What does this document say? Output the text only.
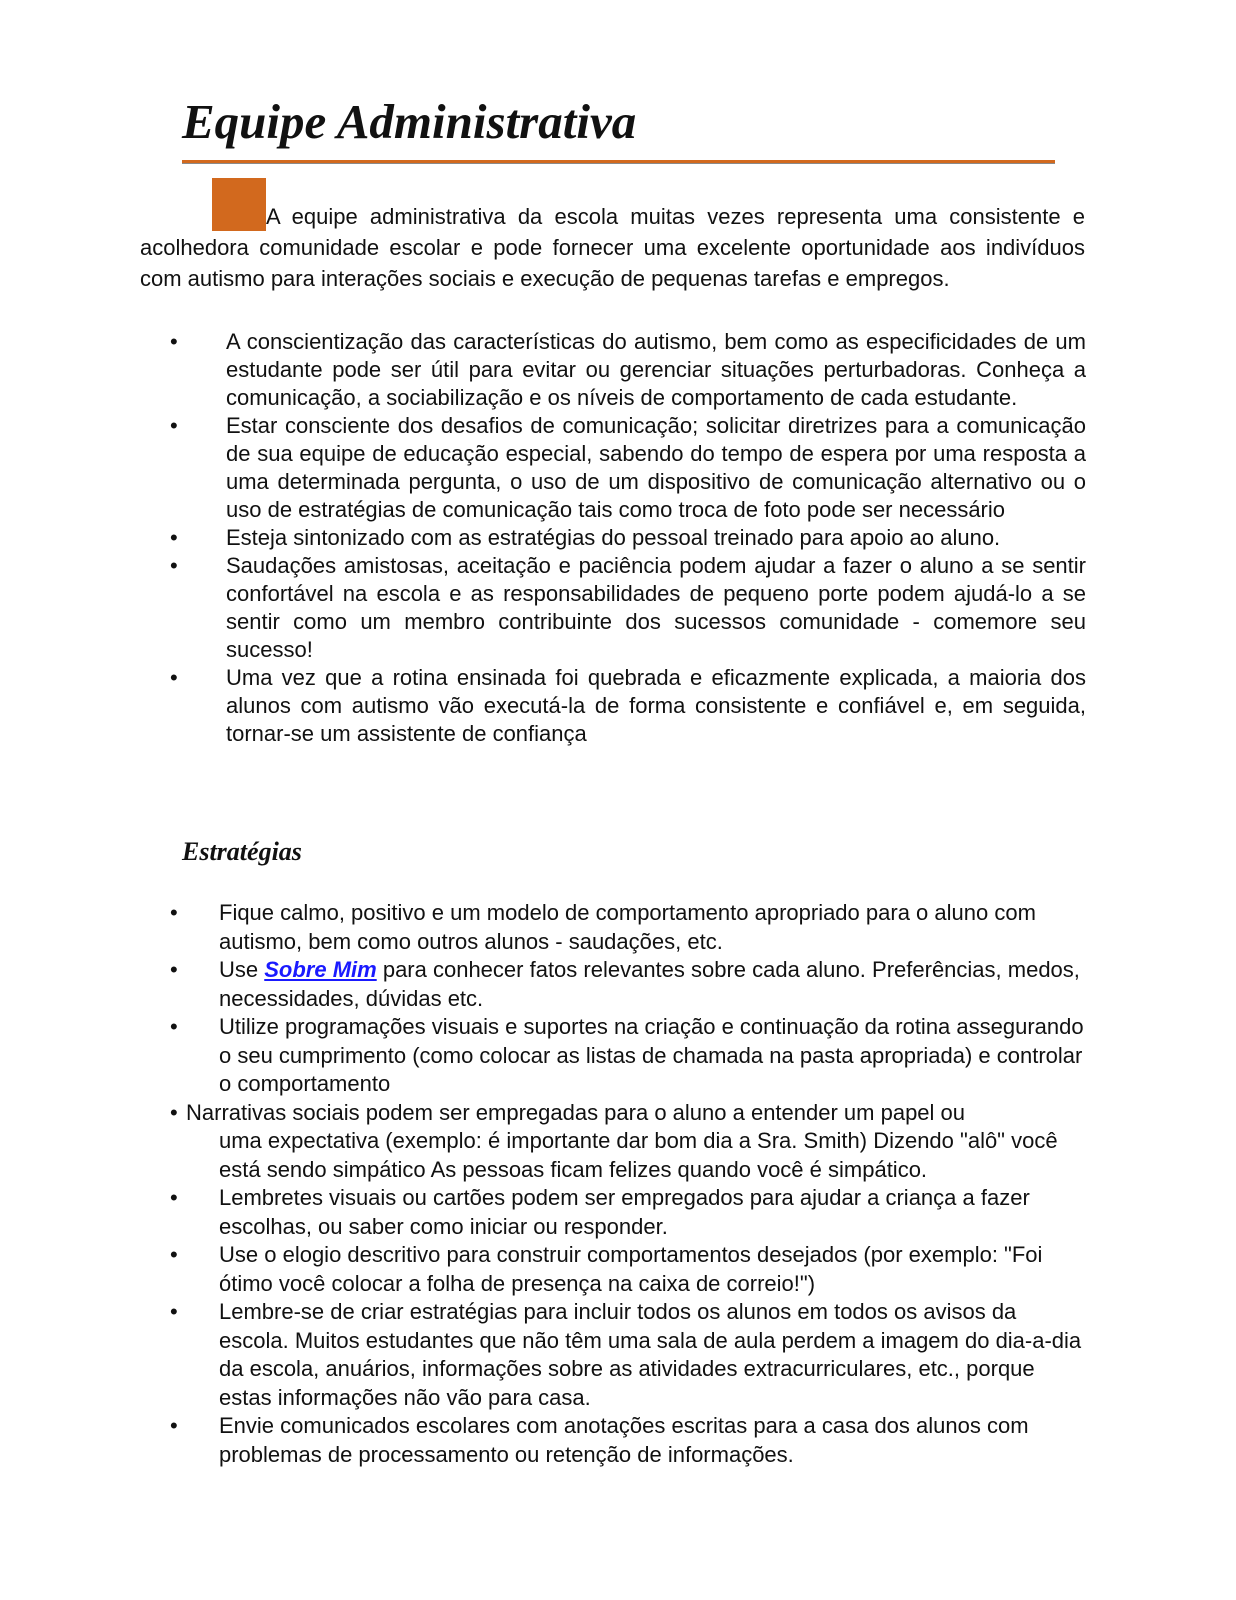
Equipe Administrativa

A equipe administrativa da escola muitas vezes representa uma consistente e acolhedora comunidade escolar e pode fornecer uma excelente oportunidade aos indivíduos com autismo para interações sociais e execução de pequenas tarefas e empregos.

• A conscientização das características do autismo, bem como as especificidades de um estudante pode ser útil para evitar ou gerenciar situações perturbadoras. Conheça a comunicação, a sociabilização e os níveis de comportamento de cada estudante.
• Estar consciente dos desafios de comunicação; solicitar diretrizes para a comunicação de sua equipe de educação especial, sabendo do tempo de espera por uma resposta a uma determinada pergunta, o uso de um dispositivo de comunicação alternativo ou o uso de estratégias de comunicação tais como troca de foto pode ser necessário
• Esteja sintonizado com as estratégias do pessoal treinado para apoio ao aluno.
• Saudações amistosas, aceitação e paciência podem ajudar a fazer o aluno a se sentir confortável na escola e as responsabilidades de pequeno porte podem ajudá-lo a se sentir como um membro contribuinte dos sucessos comunidade - comemore seu sucesso!
• Uma vez que a rotina ensinada foi quebrada e eficazmente explicada, a maioria dos alunos com autismo vão executá-la de forma consistente e confiável e, em seguida, tornar-se um assistente de confiança
Estratégias
• Fique calmo, positivo e um modelo de comportamento apropriado para o aluno com autismo, bem como outros alunos - saudações, etc.
• Use Sobre Mim para conhecer fatos relevantes sobre cada aluno. Preferências, medos, necessidades, dúvidas etc.
• Utilize programações visuais e suportes na criação e continuação da rotina assegurando o seu cumprimento (como colocar as listas de chamada na pasta apropriada) e controlar o comportamento
• Narrativas sociais podem ser empregadas para o aluno a entender um papel ou
uma expectativa (exemplo: é importante dar bom dia a Sra. Smith) Dizendo "alô" você está sendo simpático As pessoas ficam felizes quando você é simpático.
• Lembretes visuais ou cartões podem ser empregados para ajudar a criança a fazer escolhas, ou saber como iniciar ou responder.
• Use o elogio descritivo para construir comportamentos desejados (por exemplo: "Foi ótimo você colocar a folha de presença na caixa de correio!")
• Lembre-se de criar estratégias para incluir todos os alunos em todos os avisos da escola. Muitos estudantes que não têm uma sala de aula perdem a imagem do dia-a-dia da escola, anuários, informações sobre as atividades extracurriculares, etc., porque estas informações não vão para casa.
• Envie comunicados escolares com anotações escritas para a casa dos alunos com problemas de processamento ou retenção de informações.
